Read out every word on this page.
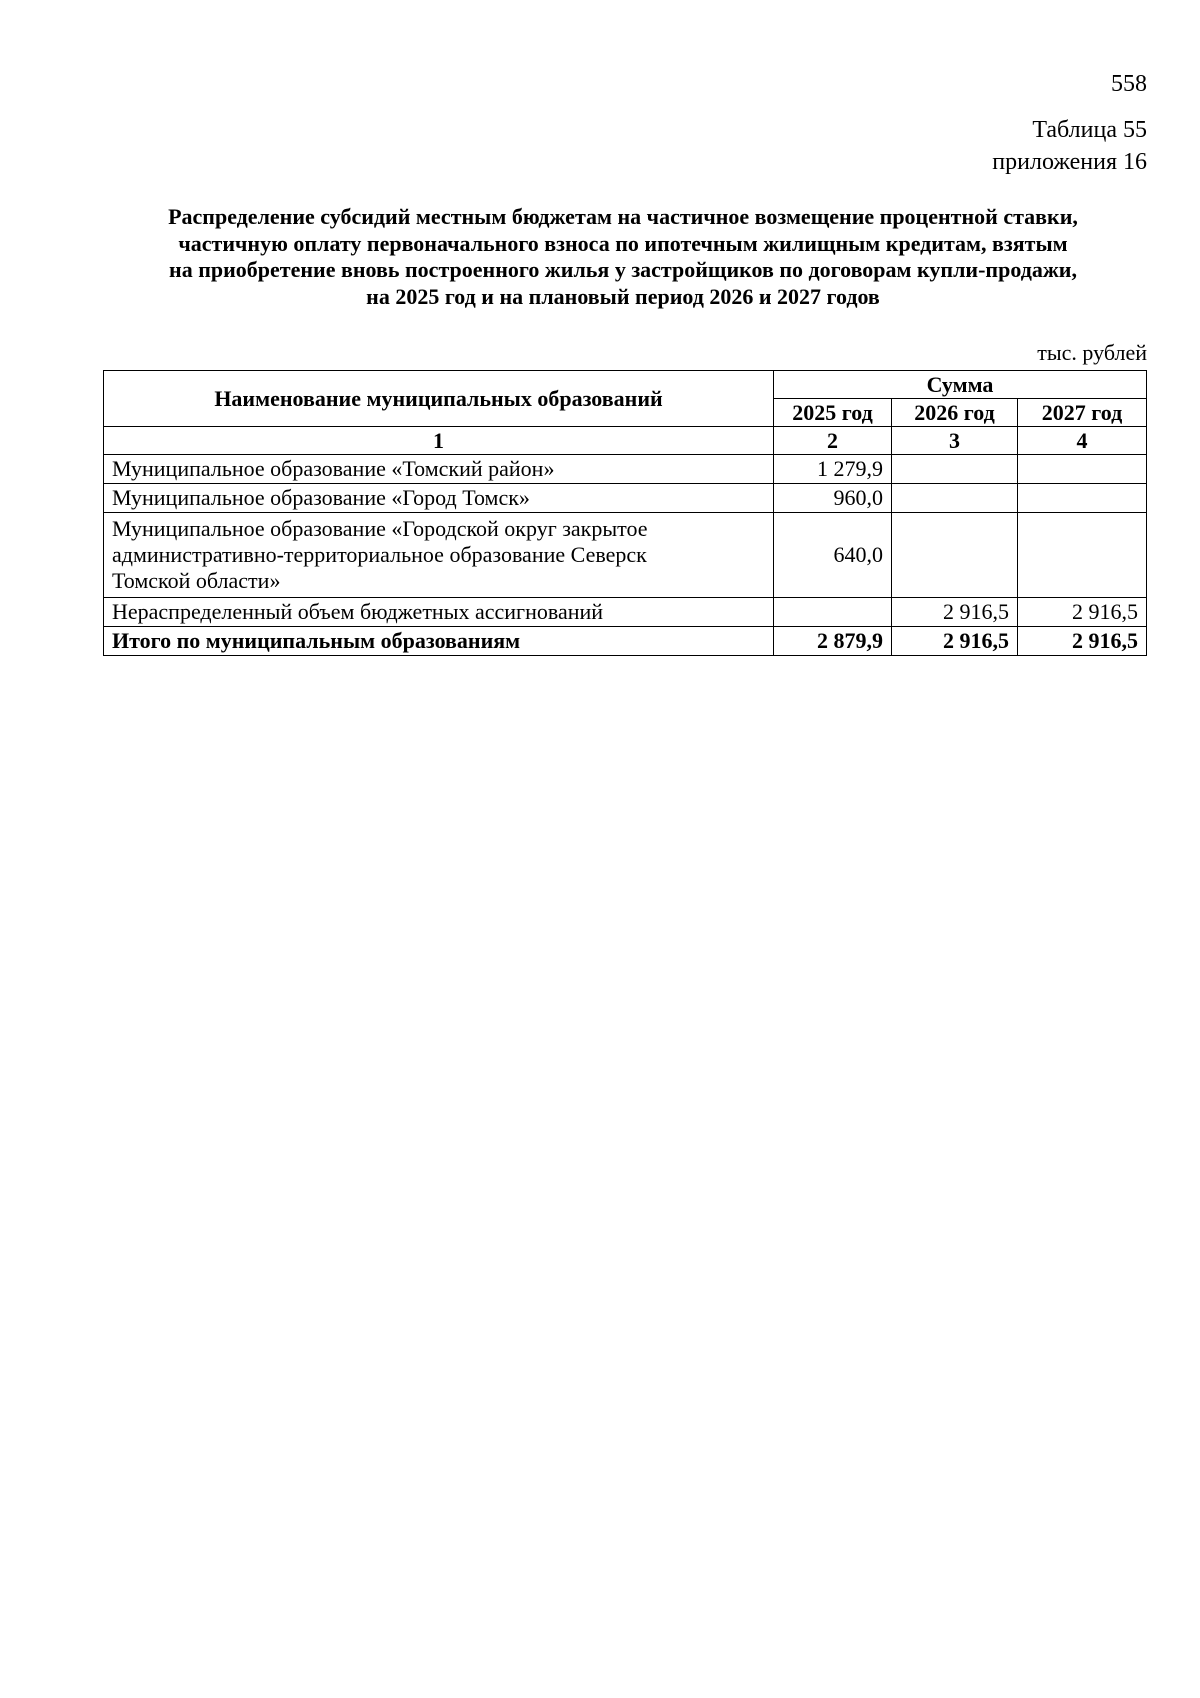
558
Таблица 55
приложения 16
Распределение субсидий местным бюджетам на частичное возмещение процентной ставки,
частичную оплату первоначального взноса по ипотечным жилищным кредитам, взятым
на приобретение вновь построенного жилья у застройщиков по договорам купли-продажи,
на 2025 год и на плановый период 2026 и 2027 годов
тыс. рублей
Наименование муниципальных образований	Сумма		
	2025 год	2026 год	2027 год
1	2	3	4
Муниципальное образование «Томский район»	1 279,9		
Муниципальное образование «Город Томск»	960,0		

Муниципальное образование «Городской округ закрытое
административно-территориальное образование Северск
Томской области»	640,0		
Нераспределенный объем бюджетных ассигнований		2 916,5	2 916,5
Итого по муниципальным образованиям	2 879,9	2 916,5	2 916,5
